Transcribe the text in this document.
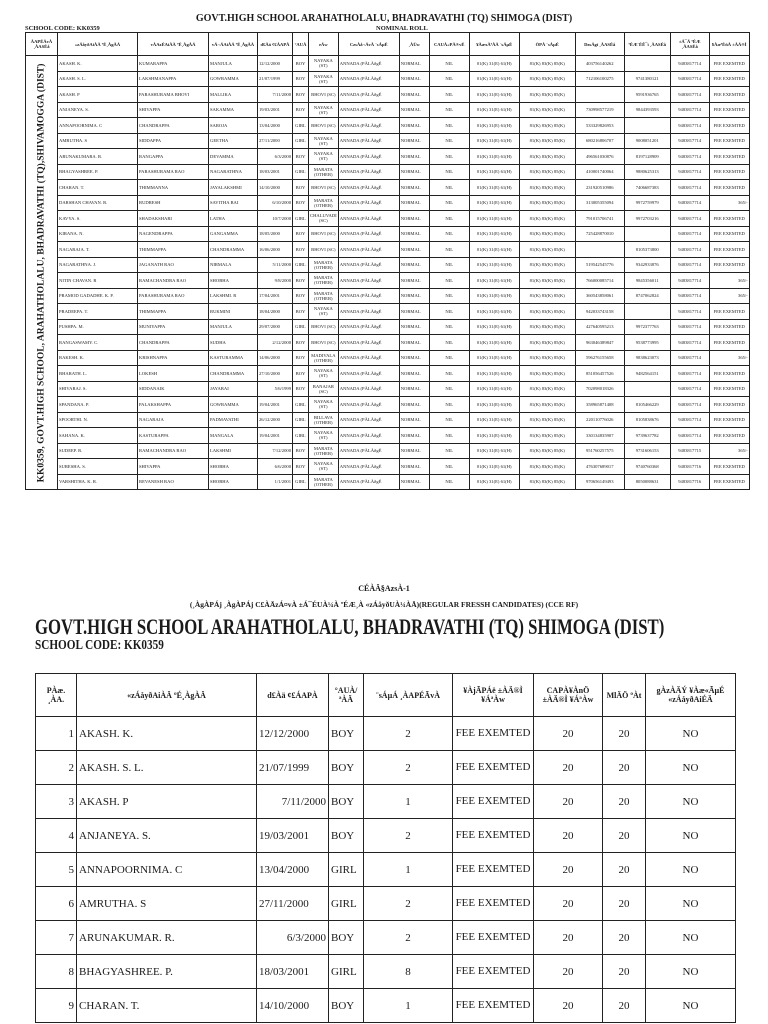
GOVT.HIGH SCHOOL ARAHATHOLALU, BHADRAVATHI (TQ) SHIMOGA (DIST)
SCHOOL CODE: KK0359	NOMINAL ROLL
ÀAPÉÃvÀ ¸ÀASÉå	«zÁåyðAiÀÄ ºÉ¸ÀgÀÄ	vÀAzÉAiÀÄ ºÉ¸ÀgÀÄ	vÁ¬ÄAiÀÄ ºÉ¸ÀgÀÄ	d£Àä ¢£ÁAPÀ	°AUÀ	eÁw	CzsÀå¬ÄvÀ ¨sÁµÉ	¸ÀÜw	CAUÀ«PÀ®vÉ	¥ÀæxÀªÀÄ ¨sÁµÉ	ÖPÀ ¨sÁµÉ	DzsÁgï ¸ÀASÉå	ªÉÆ¨ÉÊ¯ï ¸ÀASÉå	±Á¯Á ªÉÆ ¸ÀASÉå	¥ÀæªÉñÀ ±ÀÄ®Ì

KK0359, GOVT.HIGH SCHOOL, ARAHATHOLALU, BHADRAVATHI (TQ),SHIVAMOGGA (DIST)	AKASH. K.	KUMARAPPA	MANJULA	12/12/2000	BOY	NAYAKA (ST)	ANNADA (PÀLÀðgÉ	NORMAL	NIL	01(K) 31(E) 61(H)	81(K) 83(K) 85(K)	403756140262		9483817714	FEE EXEMTED
	AKASH. S. L.	LAKSHMANAPPA	GOWRAMMA	21/07/1999	BOY	NAYAKA (ST)	ANNADA (PÀLÀðgÉ	NORMAL	NIL	01(K) 31(E) 61(H)	81(K) 83(K) 85(K)	712106100275	9741380121	9483817714	FEE EXEMTED
	AKASH. P	PARASHURAMA BHOVI	MALLIKA	7/11/2000	BOY	BHOVI (SC)	ANNADA (PÀLÀðgÉ	NORMAL	NIL	01(K) 31(E) 61(H)	81(K) 83(K) 85(K)		9591936765	9483817714	FEE EXEMTED
	ANJANEYA. S.	SHIVAPPA	SAKAMMA	19/03/2001	BOY	NAYAKA (ST)	ANNADA (PÀLÀðgÉ	NORMAL	NIL	01(K) 31(E) 61(H)	81(K) 83(K) 85(K)	730998577219	9844393593	9483817714	FEE EXEMTED
	ANNAPOORNIMA. C	CHANDRAPPA	SAROJA	13/04/2000	GIRL	BHOVI (SC)	ANNADA (PÀLÀðgÉ	NORMAL	NIL	01(K) 31(E) 61(H)	81(K) 83(K) 85(K)	533329826953		9483817714	FEE EXEMTED
	AMRUTHA. S	SIDDAPPA	GEETHA	27/11/2000	GIRL	NAYAKA (ST)	ANNADA (PÀLÀðgÉ	NORMAL	NIL	01(K) 31(E) 61(H)	81(K) 83(K) 85(K)	680216806707	9008051201	9483817714	FEE EXEMTED
	ARUNAKUMARA. R.	RANGAPPA	DEVAMMA	6/3/2000	BOY	NAYAKA (ST)	ANNADA (PÀLÀðgÉ	NORMAL	NIL	01(K) 31(E) 61(H)	81(K) 83(K) 85(K)	496561030876	8197128909	9483817714	FEE EXEMTED
	BHAGYASHREE. P.	PARASHURAMA RAO	NAGARATHNA	18/03/2001	GIRL	MARATA (OTHER)	ANNADA (PÀLÀðgÉ	NORMAL	NIL	01(K) 31(E) 61(H)	81(K) 83(K) 85(K)	410001740064	9880625313	9483817714	FEE EXEMTED
	CHARAN. T.	THIMMANNA	JAYALAKSHMI	14/10/2000	BOY	BHOVI (SC)	ANNADA (PÀLÀðgÉ	NORMAL	NIL	01(K) 31(E) 61(H)	81(K) 83(K) 85(K)	231920510986	7406687383	9483817714	FEE EXEMTED
	DARSHAN CHAVAN. R.	RUDRESH	SAVITHA BAI	6/10/2000	BOY	MARATA (OTHER)	ANNADA (PÀLÀðgÉ	NORMAL	NIL	01(K) 31(E) 61(H)	81(K) 83(K) 85(K)	313005355094	9972759979	9483817714	365/-
	KAVYA. S.	SHADAKSHARI	LATHA	10/7/2000	GIRL	CHALUVADI (SC)	ANNADA (PÀLÀðgÉ	NORMAL	NIL	01(K) 31(E) 61(H)	81(K) 83(K) 85(K)	791015706741	9972703216	9483817714	FEE EXEMTED
	KIRANA. N.	NAGENDRAPPA	GANGAMMA	18/05/2000	BOY	BHOVI (SC)	ANNADA (PÀLÀðgÉ	NORMAL	NIL	01(K) 31(E) 61(H)	81(K) 83(K) 85(K)	725428870010		9483817714	FEE EXEMTED
	NAGARAJA. T.	THIMMAPPA	CHANDRAMMA	16/06/2000	BOY	BHOVI (SC)	ANNADA (PÀLÀðgÉ	NORMAL	NIL	01(K) 31(E) 61(H)	81(K) 83(K) 85(K)		8105373800	9483817714	FEE EXEMTED
	NAGARATHNA. J.	JAGANATH RAO	NIRMALA	5/11/2000	GIRL	MARATA (OTHER)	ANNADA (PÀLÀðgÉ	NORMAL	NIL	01(K) 31(E) 61(H)	81(K) 83(K) 85(K)	519542545776	9342933876	9483817714	FEE EXEMTED
	NITIN CHAVAN. R	RAMACHANDRA RAO	SHOBHA	9/8/2000	BOY	MARATA (OTHER)	ANNADA (PÀLÀðgÉ	NORMAL	NIL	01(K) 31(E) 61(H)	81(K) 83(K) 85(K)	766000085714	9845356011	9483817714	365/-
	PRAMOD GADADHE. K. P.	PARASHURAMA RAO	LAKSHMI. R	17/04/2001	BOY	MARATA (OTHER)	ANNADA (PÀLÀðgÉ	NORMAL	NIL	01(K) 31(E) 61(H)	81(K) 83(K) 85(K)	360543858061	8747062824	9483817714	365/-
	PRADEEPA. T.	THIMMAPPA	RUKMINI	18/04/2000	BOY	NAYAKA (ST)	ANNADA (PÀLÀðgÉ	NORMAL	NIL	01(K) 31(E) 61(H)	81(K) 83(K) 85(K)	942033743158		9483817714	FEE EXEMTED
	PUSHPA. M.	MUNIYAPPA	MANJULA	29/07/2000	GIRL	BHOVI (SC)	ANNADA (PÀLÀðgÉ	NORMAL	NIL	01(K) 31(E) 61(H)	81(K) 83(K) 85(K)	427640595213	9972377763	9483817714	FEE EXEMTED
	RANGASWAMY. C.	CHANDRAPPA	SUDHA	2/12/2000	BOY	BHOVI (SC)	ANNADA (PÀLÀðgÉ	NORMAL	NIL	01(K) 31(E) 61(H)	81(K) 83(K) 85(K)	963046389847	9538773995	9483817714	FEE EXEMTED
	RAKESH. K.	KRISHNAPPA	KASTURAMMA	14/06/2000	BOY	MADIVALA (OTHER)	ANNADA (PÀLÀðgÉ	NORMAL	NIL	01(K) 31(E) 61(H)	81(K) 83(K) 85(K)	596276155658	9838623073	9483817714	365/-
	BHARATH. L.	LOKESH	CHANDRAMMA	27/10/2000	BOY	NAYAKA (ST)	ANNADA (PÀLÀðgÉ	NORMAL	NIL	01(K) 31(E) 61(H)	81(K) 83(K) 85(K)	851056457526	9482564151	9483817714	FEE EXEMTED
	SHIVARAJ. S.	SIDDANAIK	JAYABAI	5/6/1999	BOY	BANAJAR (SC)	ANNADA (PÀLÀðgÉ	NORMAL	NIL	01(K) 31(E) 61(H)	81(K) 83(K) 85(K)	702098018326		9483817714	FEE EXEMTED
	SPANDANA. P.	PALAKSHAPPA	GOWRAMMA	19/04/2001	GIRL	NAYAKA (ST)	ANNADA (PÀLÀðgÉ	NORMAL	NIL	01(K) 31(E) 61(H)	81(K) 83(K) 85(K)	358965871408	8105466229	9483817714	FEE EXEMTED
	SPOORTHI. N.	NAGARAJA	PADMAVATHI	26/12/2000	GIRL	BILLAVA (OTHER)	ANNADA (PÀLÀðgÉ	NORMAL	NIL	01(K) 31(E) 61(H)	81(K) 83(K) 85(K)	220110776026	8105838676	9483817714	FEE EXEMTED
	SAHANA. K.	KASTURAPPA	MANGALA	19/04/2001	GIRL	NAYAKA (ST)	ANNADA (PÀLÀðgÉ	NORMAL	NIL	01(K) 31(E) 61(H)	81(K) 83(K) 85(K)	330134835907	9739637782	9483817714	FEE EXEMTED
	SUDEEP. R.	RAMACHANDRA RAO	LAKSHMI	7/12/2000	BOY	MARATA (OTHER)	ANNADA (PÀLÀðgÉ	NORMAL	NIL	01(K) 31(E) 61(H)	81(K) 83(K) 85(K)	951760257575	9731606153	9483817715	365/-
	SURESHA. S.	SHIVAPPA	SHOBHA	6/6/2000	BOY	NAYAKA (ST)	ANNADA (PÀLÀðgÉ	NORMAL	NIL	01(K) 31(E) 61(H)	81(K) 83(K) 85(K)	476307689017	9740760368	9483817716	FEE EXEMTED
	VARSHITHA. K. R.	REVANESH RAO	SHOBHA	1/1/2001	GIRL	MARATA (OTHER)	ANNADA (PÀLÀðgÉ	NORMAL	NIL	01(K) 31(E) 61(H)	81(K) 83(K) 85(K)	970656149493	8050088631	9483817716	FEE EXEMTED
CÉÀÄ§AzsÀ-1
(¸ÀgÀPÁj ¸ÀgÀPÁj C£ÀÄzÁ¤vÀ ±Á¯ÉUÀ¼À ºÉÆ¸À «zÁåyðUÀ¼ÀÄ)(REGULAR FRESSH CANDIDATES) (CCE RF)
GOVT.HIGH SCHOOL ARAHATHOLALU, BHADRAVATHI (TQ) SHIMOGA (DIST)
SCHOOL CODE: KK0359
PÀæ. ¸ÀA.	«zÁåyðAiÀÄ ºÉ¸ÀgÀÄ	d£Àä ¢£ÁAPÀ	°AUÀ/ ªÀÄ	¨sÁµÁ ¸ÀAPÉÃvÀ	¥ÀjÃPÁë ±ÀÄ®Ì ¥ÁªÀw	CAPÀ¥ÀnÖ ±ÀÄ®Ì ¥ÁªÀw	MlÄÖ ºÀt	gÀzÀÄÝ ¥Àæ«ÃµÉ «zÁåyðAiÉÄ
1	AKASH. K.	12/12/2000	BOY	2	FEE EXEMTED	20	20	NO
2	AKASH. S. L.	21/07/1999	BOY	2	FEE EXEMTED	20	20	NO
3	AKASH. P	7/11/2000	BOY	1	FEE EXEMTED	20	20	NO
4	ANJANEYA. S.	19/03/2001	BOY	2	FEE EXEMTED	20	20	NO
5	ANNAPOORNIMA. C	13/04/2000	GIRL	1	FEE EXEMTED	20	20	NO
6	AMRUTHA. S	27/11/2000	GIRL	2	FEE EXEMTED	20	20	NO
7	ARUNAKUMAR. R.	6/3/2000	BOY	2	FEE EXEMTED	20	20	NO
8	BHAGYASHREE. P.	18/03/2001	GIRL	8	FEE EXEMTED	20	20	NO
9	CHARAN. T.	14/10/2000	BOY	1	FEE EXEMTED	20	20	NO
